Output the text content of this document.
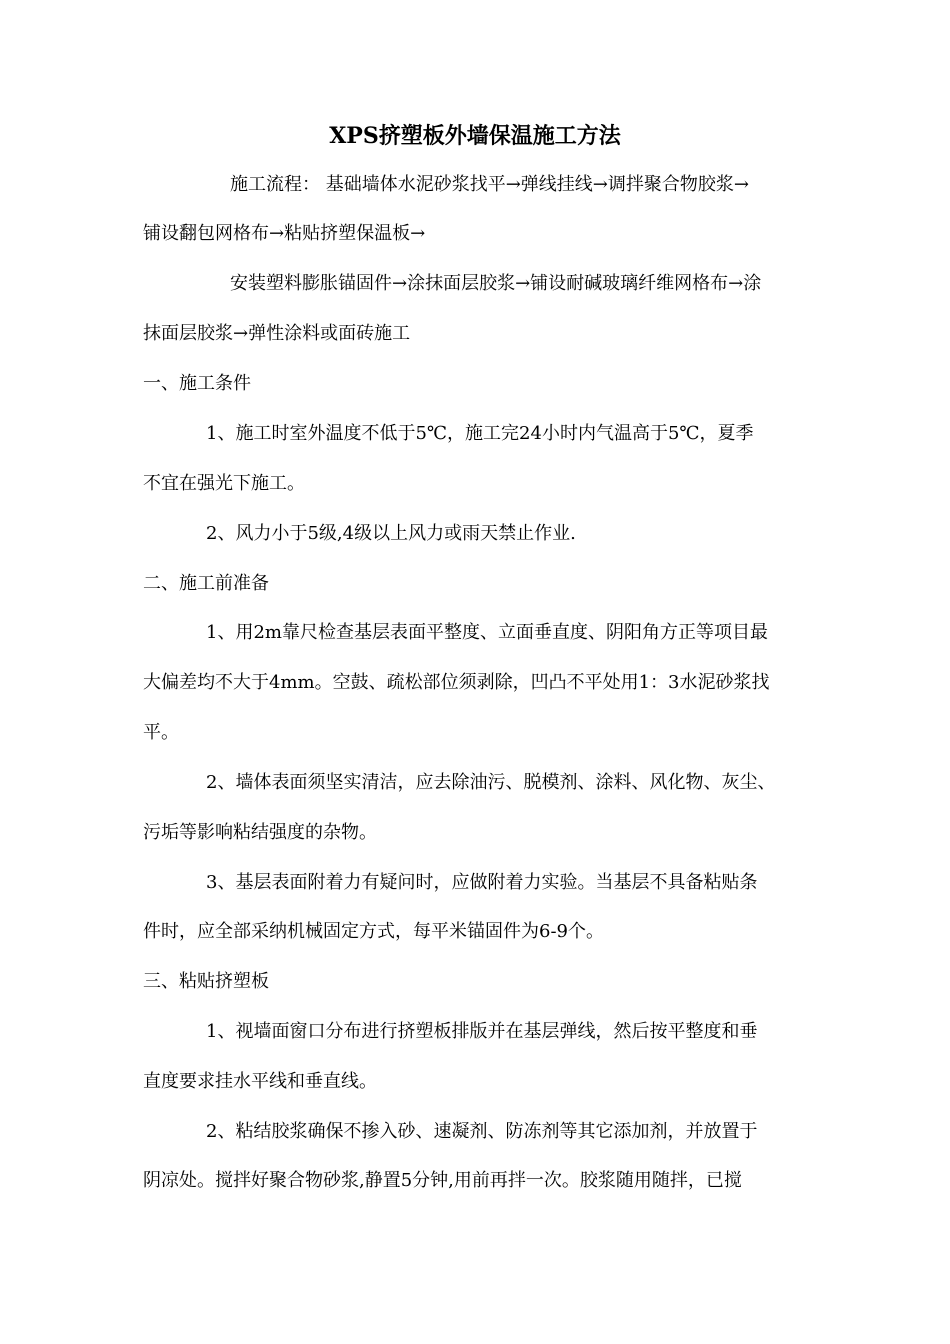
XPS挤塑板外墙保温施工方法
施工流程： 基础墙体水泥砂浆找平→弹线挂线→调拌聚合物胶浆→
铺设翻包网格布→粘贴挤塑保温板→
安装塑料膨胀锚固件→涂抹面层胶浆→铺设耐碱玻璃纤维网格布→涂
抹面层胶浆→弹性涂料或面砖施工
一、施工条件
1、施工时室外温度不低于5℃，施工完24小时内气温高于5℃，夏季
不宜在强光下施工。
2、风力小于5级,4级以上风力或雨天禁止作业.
二、施工前准备
1、用2m靠尺检查基层表面平整度、立面垂直度、阴阳角方正等项目最
大偏差均不大于4mm。空鼓、疏松部位须剥除，凹凸不平处用1：3水泥砂浆找
平。
2、墙体表面须坚实清洁，应去除油污、脱模剂、涂料、风化物、灰尘、
污垢等影响粘结强度的杂物。
3、基层表面附着力有疑问时，应做附着力实验。当基层不具备粘贴条
件时，应全部采纳机械固定方式，每平米锚固件为6-9个。
三、粘贴挤塑板
1、视墙面窗口分布进行挤塑板排版并在基层弹线，然后按平整度和垂
直度要求挂水平线和垂直线。
2、粘结胶浆确保不掺入砂、速凝剂、防冻剂等其它添加剂，并放置于
阴凉处。搅拌好聚合物砂浆,静置5分钟,用前再拌一次。胶浆随用随拌，已搅
